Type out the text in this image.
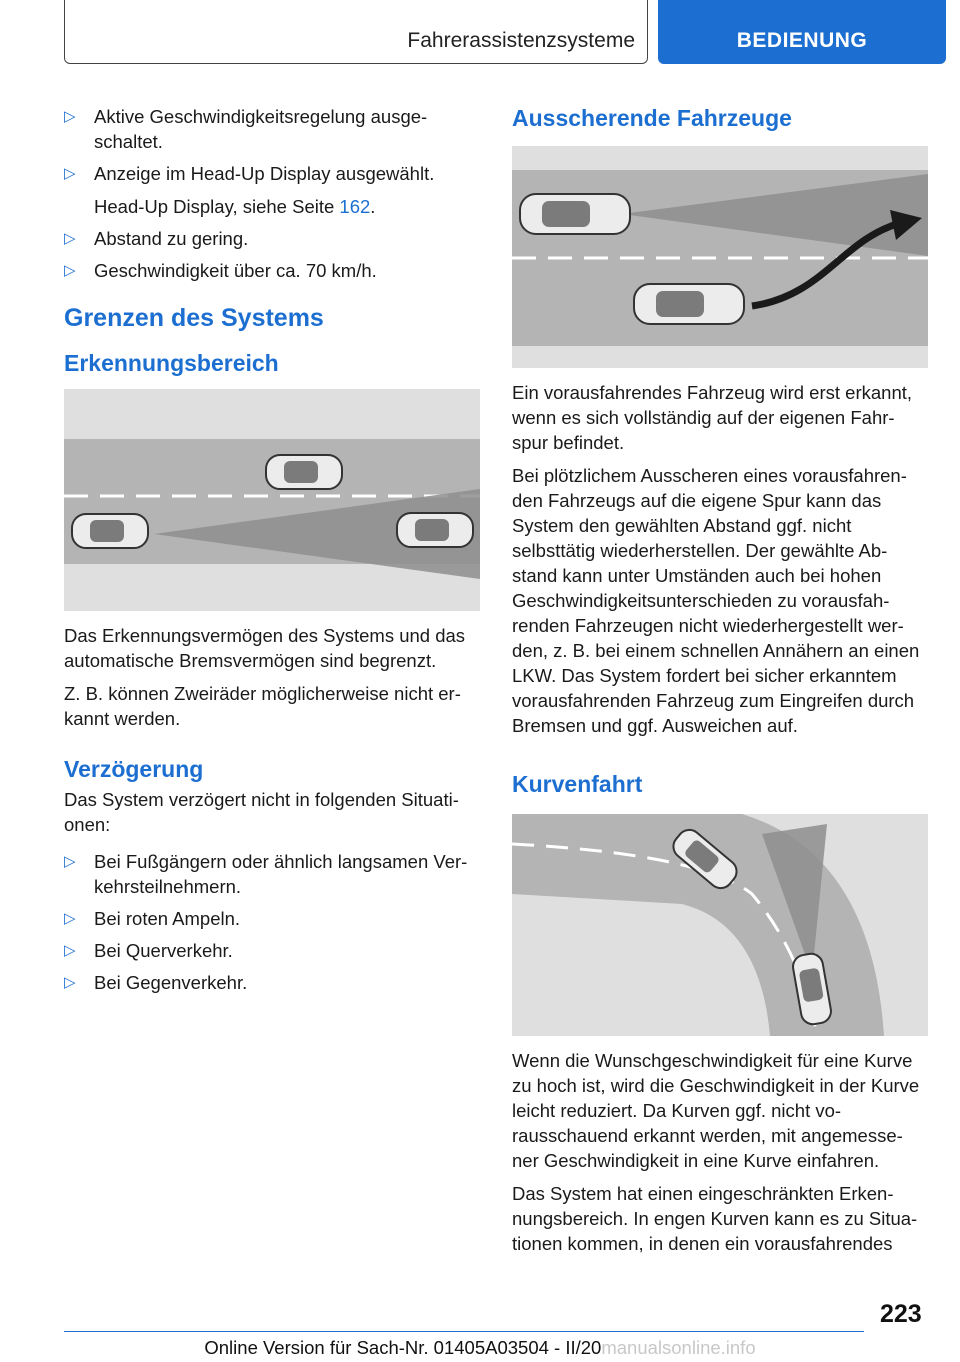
Fahrerassistenzsysteme	BEDIENUNG
▷ Aktive Geschwindigkeitsregelung ausge-schaltet.
▷ Anzeige im Head-Up Display ausgewählt.
Head-Up Display, siehe Seite 162.
▷ Abstand zu gering.
▷ Geschwindigkeit über ca. 70 km/h.
Grenzen des Systems
Erkennungsbereich

Das Erkennungsvermögen des Systems und das automatische Bremsvermögen sind begrenzt.

Z. B. können Zweiräder möglicherweise nicht er-kannt werden.

Verzögerung

Das System verzögert nicht in folgenden Situati-onen:

▷ Bei Fußgängern oder ähnlich langsamen Ver-kehrsteilnehmern.
▷ Bei roten Ampeln.
▷ Bei Querverkehr.
▷ Bei Gegenverkehr.
Ausscherende Fahrzeuge

Ein vorausfahrendes Fahrzeug wird erst erkannt, wenn es sich vollständig auf der eigenen Fahr-spur befindet.

Bei plötzlichem Ausscheren eines vorausfahren-den Fahrzeugs auf die eigene Spur kann das System den gewählten Abstand ggf. nicht selbsttätig wiederherstellen. Der gewählte Ab-stand kann unter Umständen auch bei hohen Geschwindigkeitsunterschieden zu vorausfah-renden Fahrzeugen nicht wiederhergestellt wer-den, z. B. bei einem schnellen Annähern an einen LKW. Das System fordert bei sicher erkanntem vorausfahrenden Fahrzeug zum Eingreifen durch Bremsen und ggf. Ausweichen auf.

Kurvenfahrt

Wenn die Wunschgeschwindigkeit für eine Kurve zu hoch ist, wird die Geschwindigkeit in der Kurve leicht reduziert. Da Kurven ggf. nicht vo-rausschauend erkannt werden, mit angemesse-ner Geschwindigkeit in eine Kurve einfahren.

Das System hat einen eingeschränkten Erken-nungsbereich. In engen Kurven kann es zu Situa-tionen kommen, in denen ein vorausfahrendes

223
Online Version für Sach-Nr. 01405A03504 - II/20manualsonline.info
